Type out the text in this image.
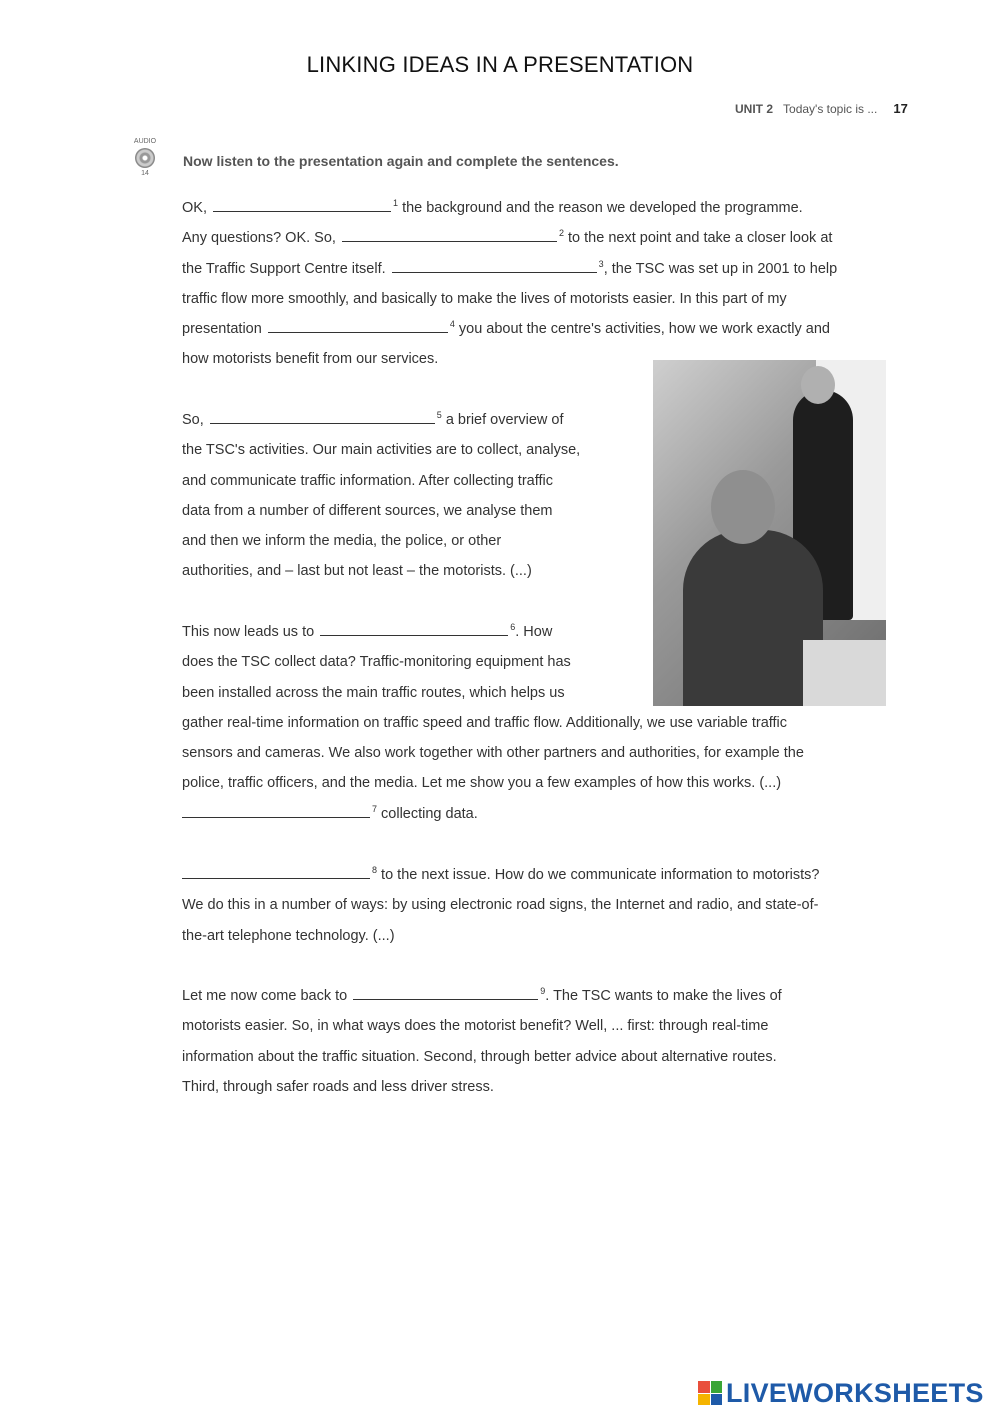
LINKING IDEAS IN A PRESENTATION
UNIT 2 Today's topic is ... 17
AUDIO
14
Now listen to the presentation again and complete the sentences.
OK,	$^1$ the background and the reason we developed the programme.
Any questions? OK. So,	$^2$ to the next point and take a closer look at
the Traffic Support Centre itself.	$^3$, the TSC was set up in 2001 to help
traffic flow more smoothly, and basically to make the lives of motorists easier. In this part of my
presentation	$^4$ you about the centre's activities, how we work exactly and
how motorists benefit from our services.
So,	$^5$ a brief overview of
the TSC's activities. Our main activities are to collect, analyse,
and communicate traffic information. After collecting traffic
data from a number of different sources, we analyse them
and then we inform the media, the police, or other
authorities, and – last but not least – the motorists. (...)
This now leads us to	$^6$. How
does the TSC collect data? Traffic-monitoring equipment has
been installed across the main traffic routes, which helps us
gather real-time information on traffic speed and traffic flow. Additionally, we use variable traffic
sensors and cameras. We also work together with other partners and authorities, for example the
police, traffic officers, and the media. Let me show you a few examples of how this works. (...)
$^7$ collecting data.
$^8$ to the next issue. How do we communicate information to motorists?
We do this in a number of ways: by using electronic road signs, the Internet and radio, and state-of-
the-art telephone technology. (...)
Let me now come back to	$^9$. The TSC wants to make the lives of
motorists easier. So, in what ways does the motorist benefit? Well, ... first: through real-time
information about the traffic situation. Second, through better advice about alternative routes.
Third, through safer roads and less driver stress.
LIVEWORKSHEETS
